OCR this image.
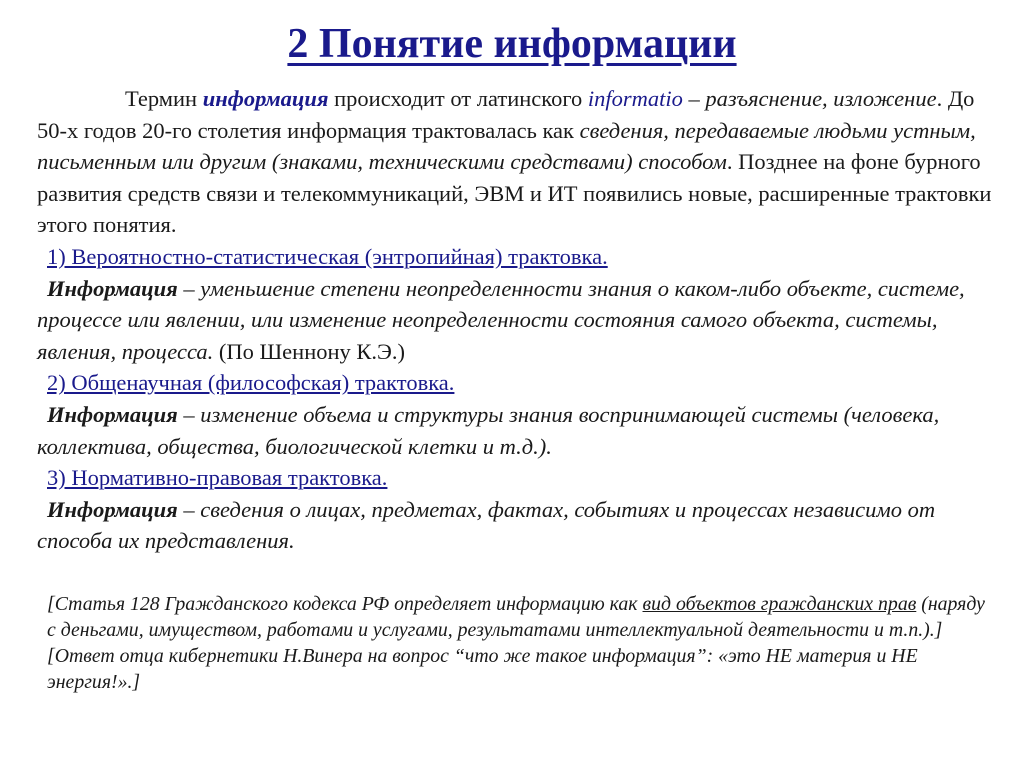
2 Понятие информации

Термин информация происходит от латинского informatio – разъяснение, изложение. До 50-х годов 20-го столетия информация трактовалась как сведения, передаваемые людьми устным, письменным или другим (знаками, техническими средствами) способом. Позднее на фоне бурного развития средств связи и телекоммуникаций, ЭВМ и ИТ появились новые, расширенные трактовки этого понятия.

1) Вероятностно-статистическая (энтропийная) трактовка.

Информация – уменьшение степени неопределенности знания о каком-либо объекте, системе, процессе или явлении, или изменение неопределенности состояния самого объекта, системы, явления, процесса. (По Шеннону К.Э.)

2) Общенаучная (философская) трактовка.

Информация – изменение объема и структуры знания воспринимающей системы (человека, коллектива, общества, биологической клетки и т.д.).

3) Нормативно-правовая трактовка.

Информация – сведения о лицах, предметах, фактах, событиях и процессах независимо от способа их представления.

[Статья 128 Гражданского кодекса РФ определяет информацию как вид объектов гражданских прав (наряду с деньгами, имуществом, работами и услугами, результатами интеллектуальной деятельности и т.п.).]

[Ответ отца кибернетики Н.Винера на вопрос “что же такое информация”: «это НЕ материя и НЕ энергия!».]
